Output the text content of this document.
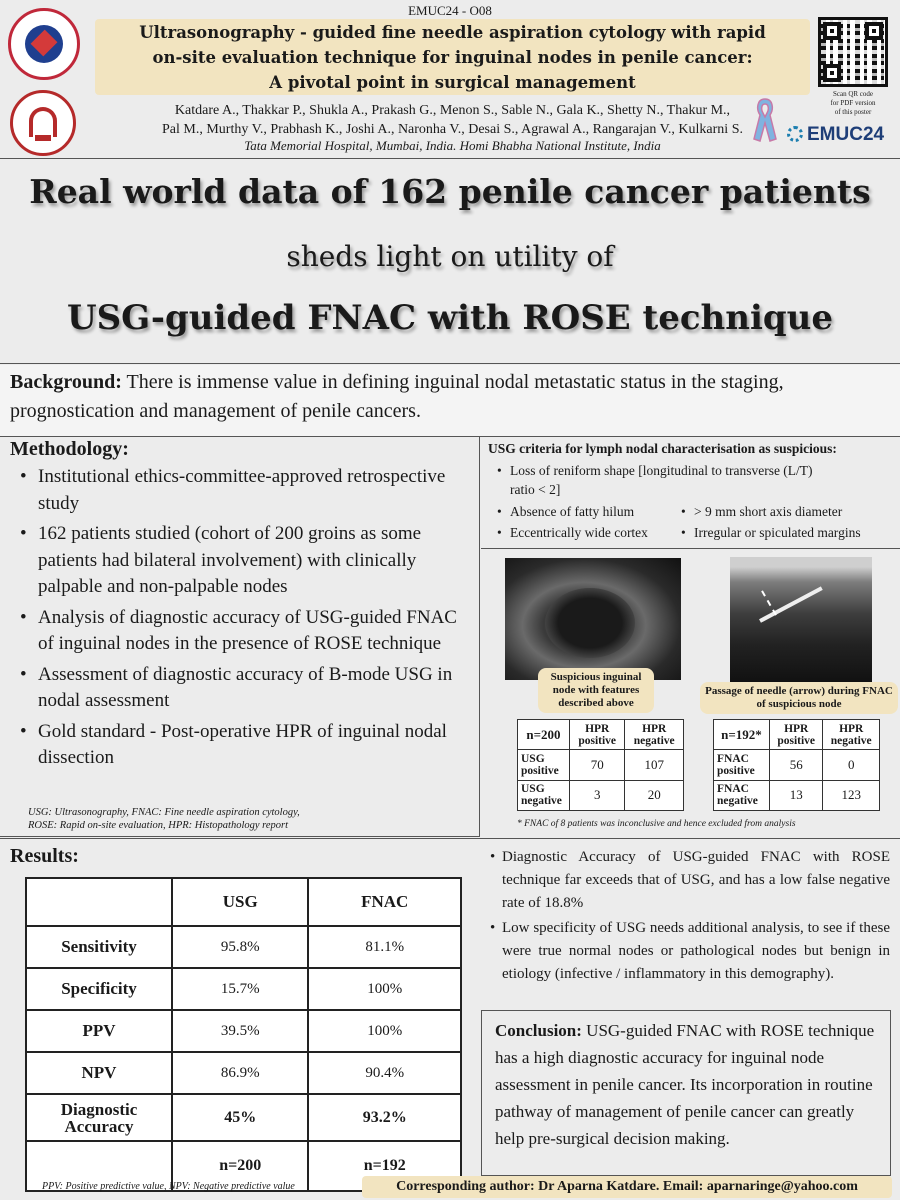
EMUC24 - O08
Ultrasonography - guided fine needle aspiration cytology with rapid
on-site evaluation technique for inguinal nodes in penile cancer:
A pivotal point in surgical management
Katdare A., Thakkar P., Shukla A., Prakash G., Menon S., Sable N., Gala K., Shetty N., Thakur M.,
Pal M., Murthy V., Prabhash K., Joshi A., Naronha V., Desai S., Agrawal A., Rangarajan V., Kulkarni S.
Tata Memorial Hospital, Mumbai, India. Homi Bhabha National Institute, India
Scan QR code
for PDF version
of this poster
EMUC24
Real world data of 162 penile cancer patients
sheds light on utility of
USG-guided FNAC with ROSE technique
Background: There is immense value in defining inguinal nodal metastatic status in the staging, prognostication and management of penile cancers.
Methodology:
• Institutional ethics-committee-approved retrospective study
• 162 patients studied (cohort of 200 groins as some patients had bilateral involvement) with clinically palpable and non-palpable nodes
• Analysis of diagnostic accuracy of USG-guided FNAC of inguinal nodes in the presence of ROSE technique
• Assessment of diagnostic accuracy of B-mode USG in nodal assessment
• Gold standard - Post-operative HPR of inguinal nodal dissection
USG: Ultrasonography, FNAC: Fine needle aspiration cytology,
ROSE: Rapid on-site evaluation, HPR: Histopathology report
USG criteria for lymph nodal characterisation as suspicious:
• Loss of reniform shape [longitudinal to transverse (L/T)
ratio < 2]
• Absence of fatty hilum	• > 9 mm short axis diameter
• Eccentrically wide cortex	• Irregular or spiculated margins
Suspicious inguinal node with features described above
Passage of needle (arrow) during FNAC of suspicious node
n=200	HPR positive	HPR negative
USG positive	70	107
USG negative	3	20
n=192*	HPR positive	HPR negative
FNAC positive	56	0
FNAC negative	13	123
* FNAC of 8 patients was inconclusive and hence excluded from analysis
Results:
	USG	FNAC
Sensitivity	95.8%	81.1%
Specificity	15.7%	100%
PPV	39.5%	100%
NPV	86.9%	90.4%

Diagnostic
Accuracy	45%	93.2%
	n=200	n=192
PPV: Positive predictive value, NPV: Negative predictive value
• Diagnostic Accuracy of USG-guided FNAC with ROSE technique far exceeds that of USG, and has a low false negative rate of 18.8%
• Low specificity of USG needs additional analysis, to see if these were true normal nodes or pathological nodes but benign in etiology (infective / inflammatory in this demography).
Conclusion: USG-guided FNAC with ROSE technique has a high diagnostic accuracy for inguinal node assessment in penile cancer. Its incorporation in routine pathway of management of penile cancer can greatly help pre-surgical decision making.
Corresponding author: Dr Aparna Katdare. Email: aparnaringe@yahoo.com
